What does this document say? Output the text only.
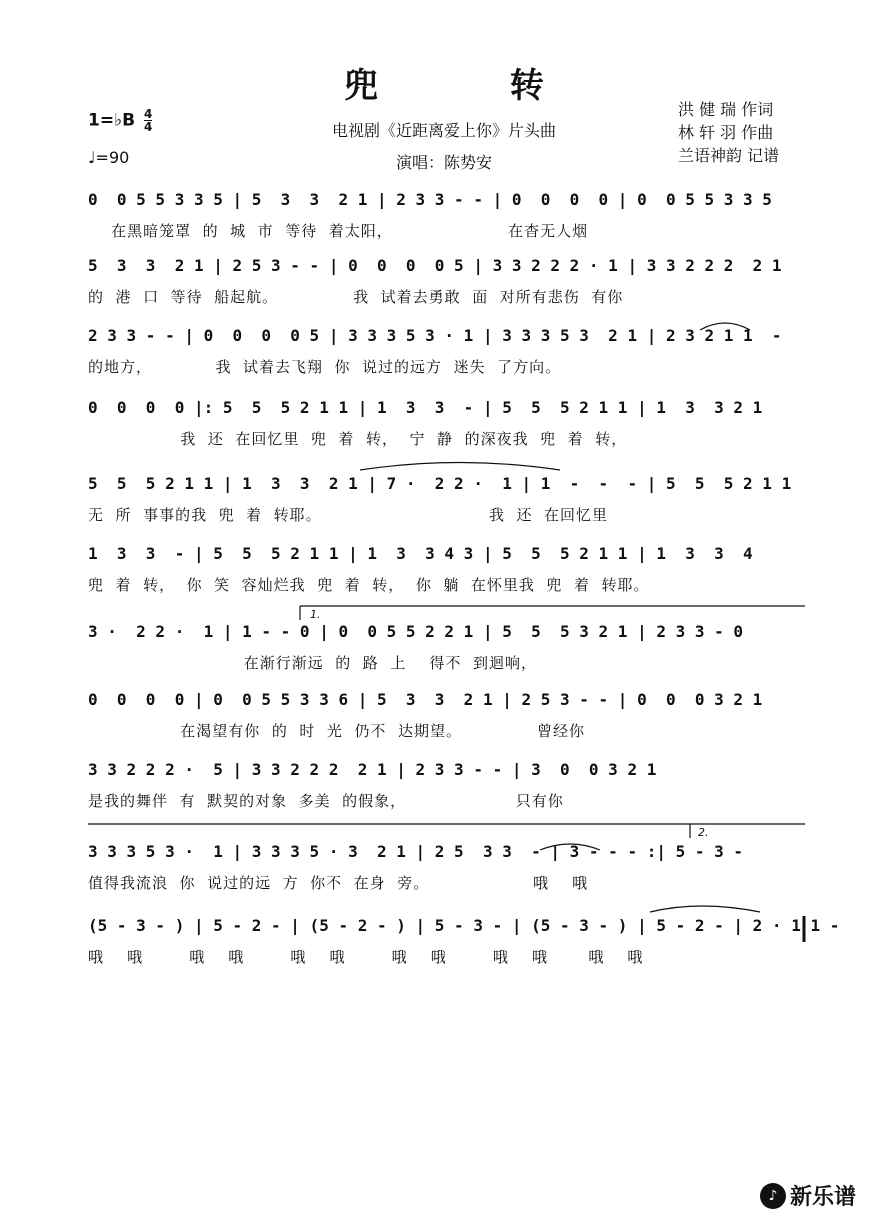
兜 转
电视剧《近距离爱上你》片头曲
演唱：陈势安
洪 健 瑞 作词
林 轩 羽 作曲
兰语神韵 记谱
1=♭B $\frac{4}{4}$
♩=90
0  0 5 5 3 3 5 | 5  3  3  2 1 | 2 3 3 - - | 0  0  0  0 | 0  0 5 5 3 3 5
在黑暗笼罩  的  城  市  等待  着太阳，                    在杳无人烟
5  3  3  2 1 | 2 5 3 - - | 0  0  0  0 5 | 3 3 2 2 2 · 1 | 3 3 2 2 2  2 1
的  港  口  等待  船起航。             我  试着去勇敢  面  对所有悲伤  有你
2 3 3 - - | 0  0  0  0 5 | 3 3 3 5 3 · 1 | 3 3 3 5 3  2 1 | 2 3 2 1 1  -
的地方，           我  试着去飞翔  你  说过的远方  迷失  了方向。
0  0  0  0 |: 5  5  5 2 1 1 | 1  3  3  - | 5  5  5 2 1 1 | 1  3  3 2 1
我  还  在回忆里  兜  着  转，  宁  静  的深夜我  兜  着  转，
5  5  5 2 1 1 | 1  3  3  2 1 | 7 ·  2 2 ·  1 | 1  -  -  - | 5  5  5 2 1 1
无  所  事事的我  兜  着  转耶。                             我  还  在回忆里
1  3  3  - | 5  5  5 2 1 1 | 1  3  3 4 3 | 5  5  5 2 1 1 | 1  3  3  4
兜  着  转，  你  笑  容灿烂我  兜  着  转，  你  躺  在怀里我  兜  着  转耶。
3 ·  2 2 ·  1 | 1 - - 0 | 0  0 5 5 2 2 1 | 5  5  5 3 2 1 | 2 3 3 - 0
在渐行渐远  的  路  上    得不  到迴响，
0  0  0  0 | 0  0 5 5 3 3 6 | 5  3  3  2 1 | 2 5 3 - - | 0  0  0 3 2 1
在渴望有你  的  时  光  仍不  达期望。             曾经你
3 3 2 2 2 ·  5 | 3 3 2 2 2  2 1 | 2 3 3 - - | 3  0  0 3 2 1
是我的舞伴  有  默契的对象  多美  的假象，                   只有你
3 3 3 5 3 ·  1 | 3 3 3 5 · 3  2 1 | 2 5  3 3  - | 3 - - - :| 5 - 3 -
值得我流浪  你  说过的远  方  你不  在身  旁。                  哦    哦
(5 - 3 - ) | 5 - 2 - | (5 - 2 - ) | 5 - 3 - | (5 - 3 - ) | 5 - 2 - | 2 · 1 1 -
哦    哦        哦    哦        哦    哦        哦    哦        哦    哦       哦    哦
1.
2.
♪ 新乐谱
